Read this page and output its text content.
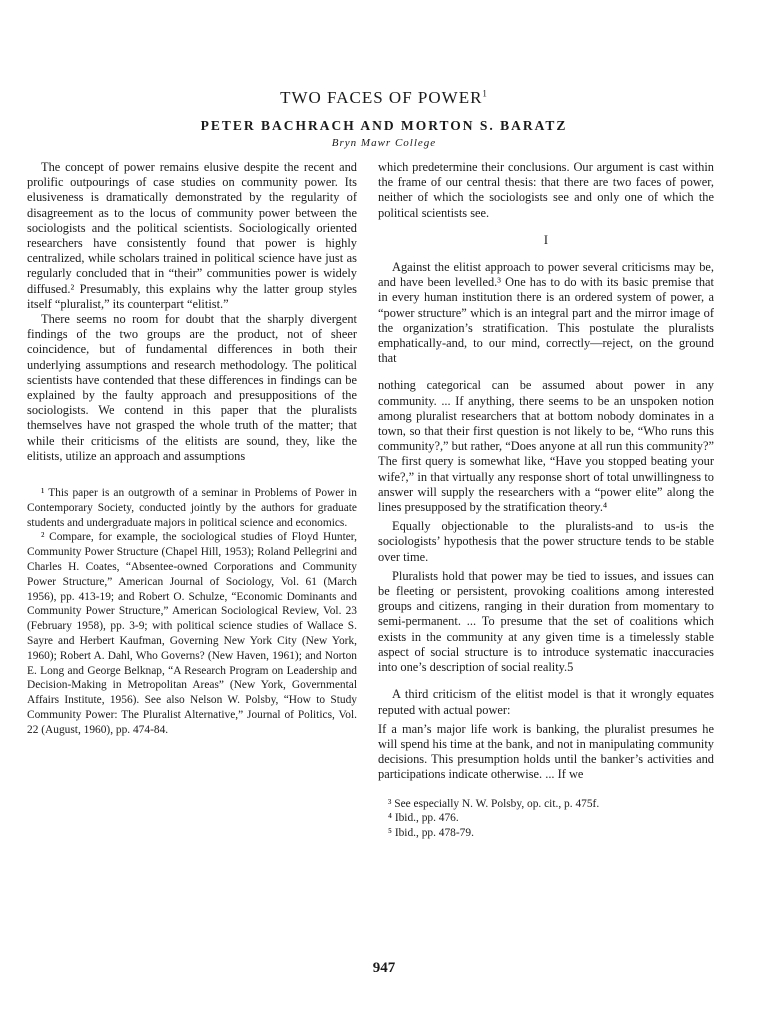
TWO FACES OF POWER$^1$
PETER BACHRACH AND MORTON S. BARATZ
Bryn Mawr College

The concept of power remains elusive despite the recent and prolific outpourings of case studies on community power. Its elusiveness is dramatically demonstrated by the regularity of disagreement as to the locus of community power between the sociologists and the political scientists. Sociologically oriented researchers have consistently found that power is highly centralized, while scholars trained in political science have just as regularly concluded that in “their” communities power is widely diffused.² Presumably, this explains why the latter group styles itself “pluralist,” its counterpart “elitist.”

There seems no room for doubt that the sharply divergent findings of the two groups are the product, not of sheer coincidence, but of fundamental differences in both their underlying assumptions and research methodology. The political scientists have contended that these differences in findings can be explained by the faulty approach and presuppositions of the sociologists. We contend in this paper that the pluralists themselves have not grasped the whole truth of the matter; that while their criticisms of the elitists are sound, they, like the elitists, utilize an approach and assumptions

¹ This paper is an outgrowth of a seminar in Problems of Power in Contemporary Society, conducted jointly by the authors for graduate students and undergraduate majors in political science and economics.

² Compare, for example, the sociological studies of Floyd Hunter, Community Power Structure (Chapel Hill, 1953); Roland Pellegrini and Charles H. Coates, “Absentee-owned Corporations and Community Power Structure,” American Journal of Sociology, Vol. 61 (March 1956), pp. 413-19; and Robert O. Schulze, “Economic Dominants and Community Power Structure,” American Sociological Review, Vol. 23 (February 1958), pp. 3-9; with political science studies of Wallace S. Sayre and Herbert Kaufman, Governing New York City (New York, 1960); Robert A. Dahl, Who Governs? (New Haven, 1961); and Norton E. Long and George Belknap, “A Research Program on Leadership and Decision-Making in Metropolitan Areas” (New York, Governmental Affairs Institute, 1956). See also Nelson W. Polsby, “How to Study Community Power: The Pluralist Alternative,” Journal of Politics, Vol. 22 (August, 1960), pp. 474-84.

which predetermine their conclusions. Our argument is cast within the frame of our central thesis: that there are two faces of power, neither of which the sociologists see and only one of which the political scientists see.

I

Against the elitist approach to power several criticisms may be, and have been levelled.³ One has to do with its basic premise that in every human institution there is an ordered system of power, a “power structure” which is an integral part and the mirror image of the organization’s stratification. This postulate the pluralists emphatically-and, to our mind, correctly—reject, on the ground that

nothing categorical can be assumed about power in any community. ... If anything, there seems to be an unspoken notion among pluralist researchers that at bottom nobody dominates in a town, so that their first question is not likely to be, “Who runs this community?,” but rather, “Does anyone at all run this community?” The first query is somewhat like, “Have you stopped beating your wife?,” in that virtually any response short of total unwillingness to answer will supply the researchers with a “power elite” along the lines presupposed by the stratification theory.⁴

Equally objectionable to the pluralists-and to us-is the sociologists’ hypothesis that the power structure tends to be stable over time.

Pluralists hold that power may be tied to issues, and issues can be fleeting or persistent, provoking coalitions among interested groups and citizens, ranging in their duration from momentary to semi-permanent. ... To presume that the set of coalitions which exists in the community at any given time is a timelessly stable aspect of social structure is to introduce systematic inaccuracies into one’s description of social reality.5

A third criticism of the elitist model is that it wrongly equates reputed with actual power:

If a man’s major life work is banking, the pluralist presumes he will spend his time at the bank, and not in manipulating community decisions. This presumption holds until the banker’s activities and participations indicate otherwise. ... If we

³ See especially N. W. Polsby, op. cit., p. 475f.

⁴ Ibid., pp. 476.

⁵ Ibid., pp. 478-79.

947
